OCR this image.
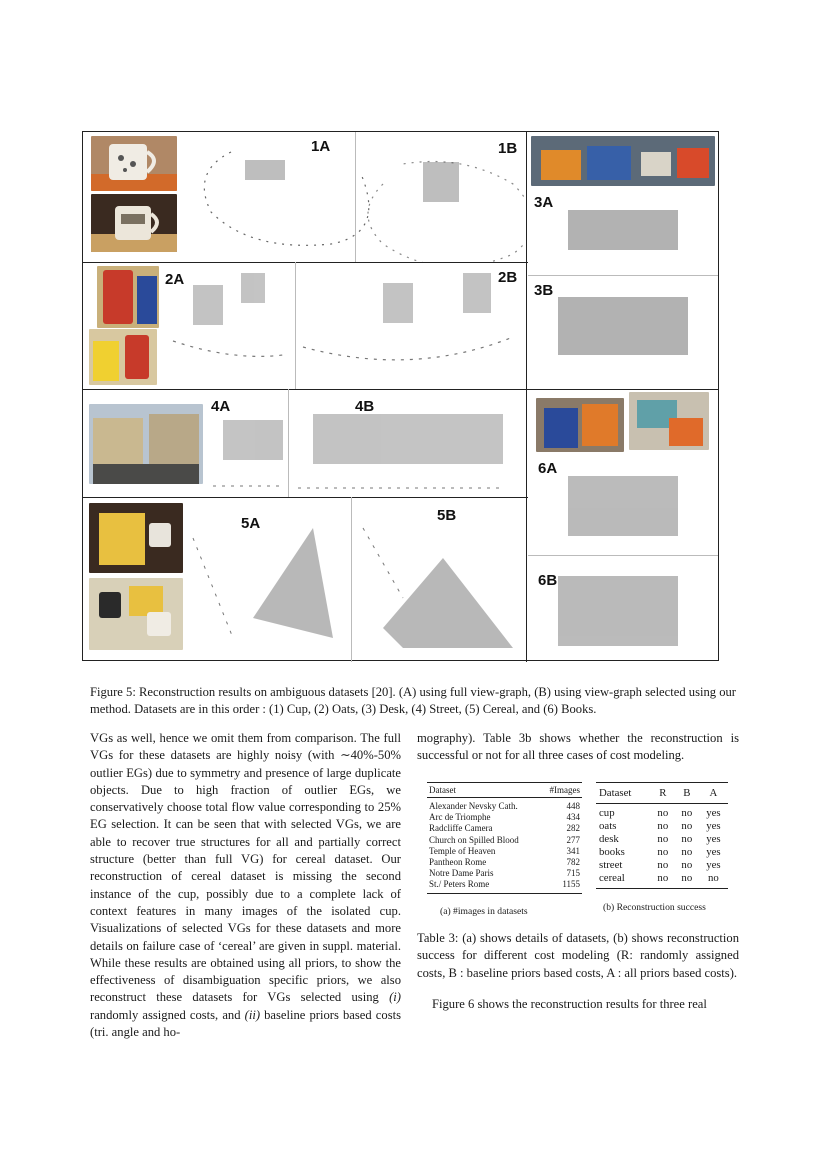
1A	1B
3A
3B
2A	2B
6A
6B
4A	4B
5A	5B
Figure 5: Reconstruction results on ambiguous datasets [20]. (A) using full view-graph, (B) using view-graph selected using our method. Datasets are in this order : (1) Cup, (2) Oats, (3) Desk, (4) Street, (5) Cereal, and (6) Books.
VGs as well, hence we omit them from comparison. The full VGs for these datasets are highly noisy (with ∼40%-50% outlier EGs) due to symmetry and presence of large duplicate objects. Due to high fraction of outlier EGs, we conservatively choose total flow value corresponding to 25% EG selection. It can be seen that with selected VGs, we are able to recover true structures for all and partially correct structure (better than full VG) for cereal dataset. Our reconstruction of cereal dataset is missing the second instance of the cup, possibly due to a complete lack of context features in many images of the isolated cup. Visualizations of selected VGs for these datasets and more details on failure case of ‘cereal’ are given in suppl. material. While these results are obtained using all priors, to show the effectiveness of disambiguation specific priors, we also reconstruct these datasets for VGs selected using (i) randomly assigned costs, and (ii) baseline priors based costs (tri. angle and ho-
mography). Table 3b shows whether the reconstruction is successful or not for all three cases of cost modeling.
Dataset	#Images
Alexander Nevsky Cath.	448
Arc de Triomphe	434
Radcliffe Camera	282
Church on Spilled Blood	277
Temple of Heaven	341
Pantheon Rome	782
Notre Dame Paris	715
St./ Peters Rome	1155
(a) #images in datasets
Dataset	R	B	A
cup	no	no	yes
oats	no	no	yes
desk	no	no	yes
books	no	no	yes
street	no	no	yes
cereal	no	no	no
(b) Reconstruction success
Table 3: (a) shows details of datasets, (b) shows reconstruction success for different cost modeling (R: randomly assigned costs, B : baseline priors based costs, A : all priors based costs).
Figure 6 shows the reconstruction results for three real
